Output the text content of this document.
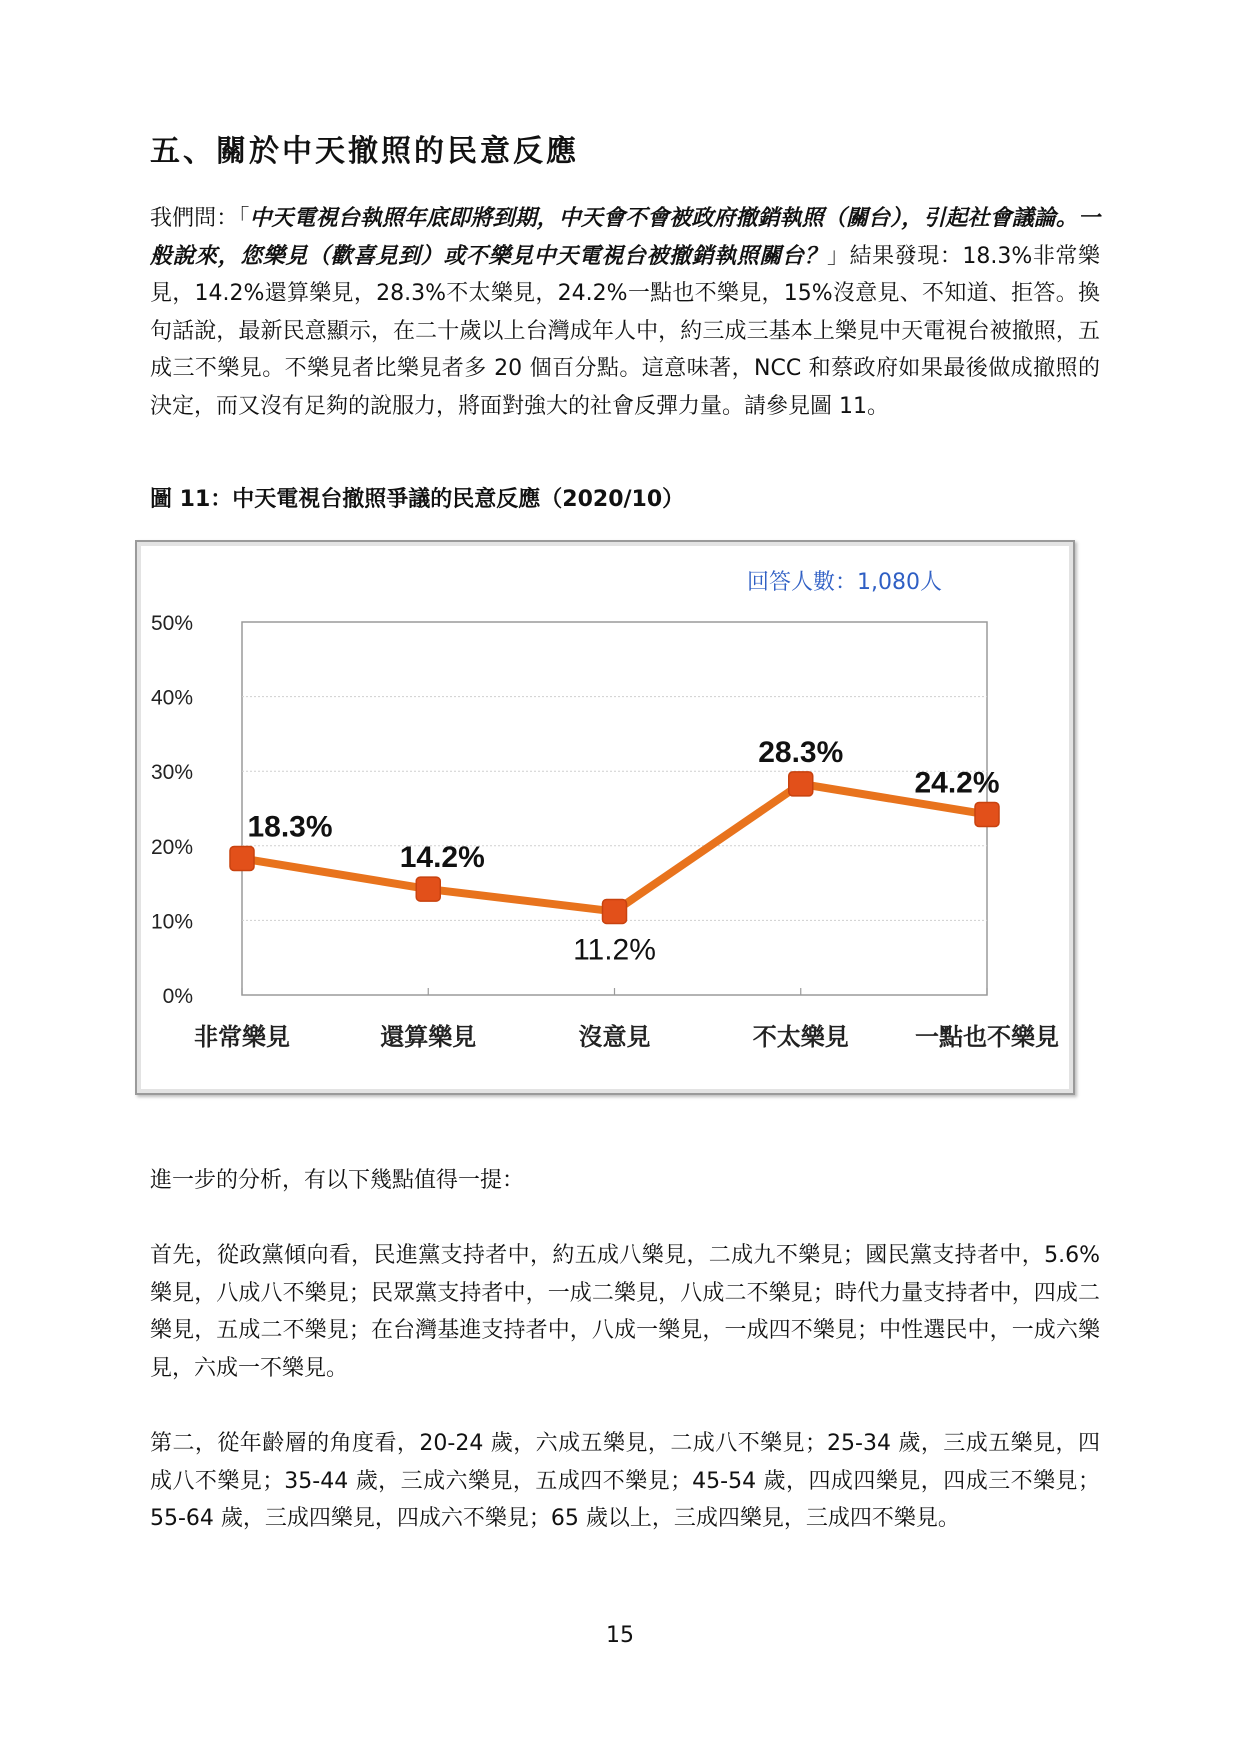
五、關於中天撤照的民意反應

我們問：「中天電視台執照年底即將到期，中天會不會被政府撤銷執照（關台），引起社會議論。一般說來，您樂見（歡喜見到）或不樂見中天電視台被撤銷執照關台？」結果發現：18.3%非常樂見，14.2%還算樂見，28.3%不太樂見，24.2%一點也不樂見，15%沒意見、不知道、拒答。換句話說，最新民意顯示，在二十歲以上台灣成年人中，約三成三基本上樂見中天電視台被撤照，五成三不樂見。不樂見者比樂見者多 20 個百分點。這意味著，NCC 和蔡政府如果最後做成撤照的決定，而又沒有足夠的說服力，將面對強大的社會反彈力量。請參見圖 11。

圖 11：中天電視台撤照爭議的民意反應（2020/10）

0%
10%
20%
30%
40%
50%
非常樂見	還算樂見	沒意見	不太樂見	一點也不樂見
18.3%
14.2%
11.2%
28.3%
24.2%
回答人數：1,080人

進一步的分析，有以下幾點值得一提：

首先，從政黨傾向看，民進黨支持者中，約五成八樂見，二成九不樂見；國民黨支持者中，5.6%樂見，八成八不樂見；民眾黨支持者中，一成二樂見，八成二不樂見；時代力量支持者中，四成二樂見，五成二不樂見；在台灣基進支持者中，八成一樂見，一成四不樂見；中性選民中，一成六樂見，六成一不樂見。

第二，從年齡層的角度看，20-24 歲，六成五樂見，二成八不樂見；25-34 歲，三成五樂見，四成八不樂見；35-44 歲，三成六樂見，五成四不樂見；45-54 歲，四成四樂見，四成三不樂見；55-64 歲，三成四樂見，四成六不樂見；65 歲以上，三成四樂見，三成四不樂見。

15
